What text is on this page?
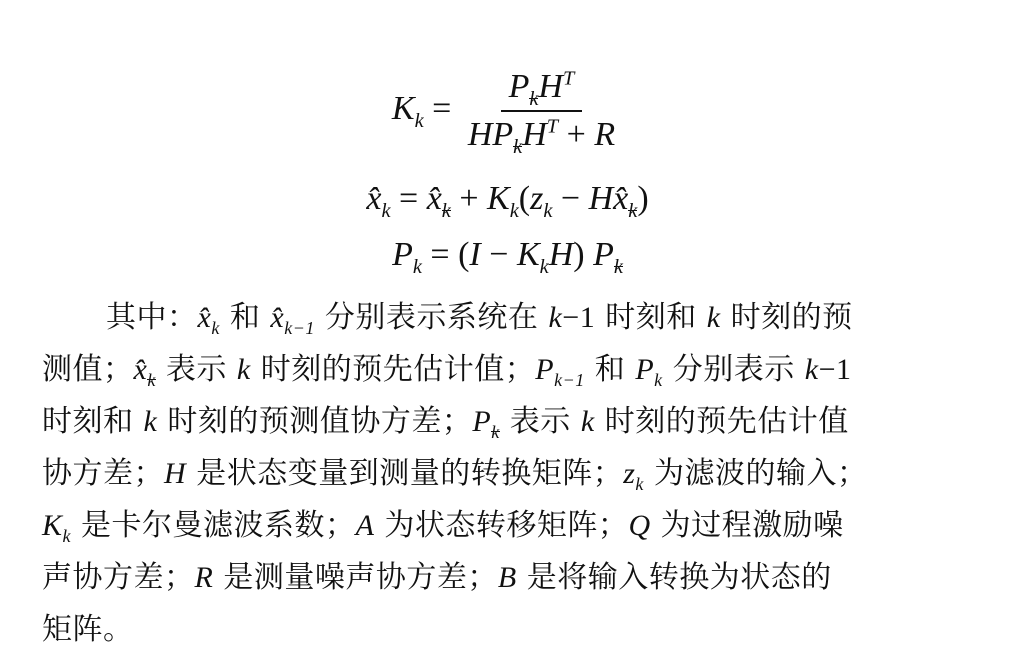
$K_k = P_k$
$H^T$
$HP_k$
$H^T + R$
$x̂_k$ = $x̂_k$
+ $K_k(z_k$ − $Hx̂_k$
)
$P_k = (I - K_kH)$ $P_k$
其中：$x̂_k$ 和 $x̂_{k-1}$ 分别表示系统在 k−1 时刻和 k 时刻的预
测值；$x̂_k$
表示 k 时刻的预先估计值；$P_{k-1}$ 和 $P_k$ 分别表示 k−1
时刻和 k 时刻的预测值协方差；$P_k$
表示 k 时刻的预先估计值
协方差；H 是状态变量到测量的转换矩阵；$z_k$ 为滤波的输入；
$K_k$ 是卡尔曼滤波系数；A 为状态转移矩阵；Q 为过程激励噪
声协方差；R 是测量噪声协方差；B 是将输入转换为状态的
矩阵。
